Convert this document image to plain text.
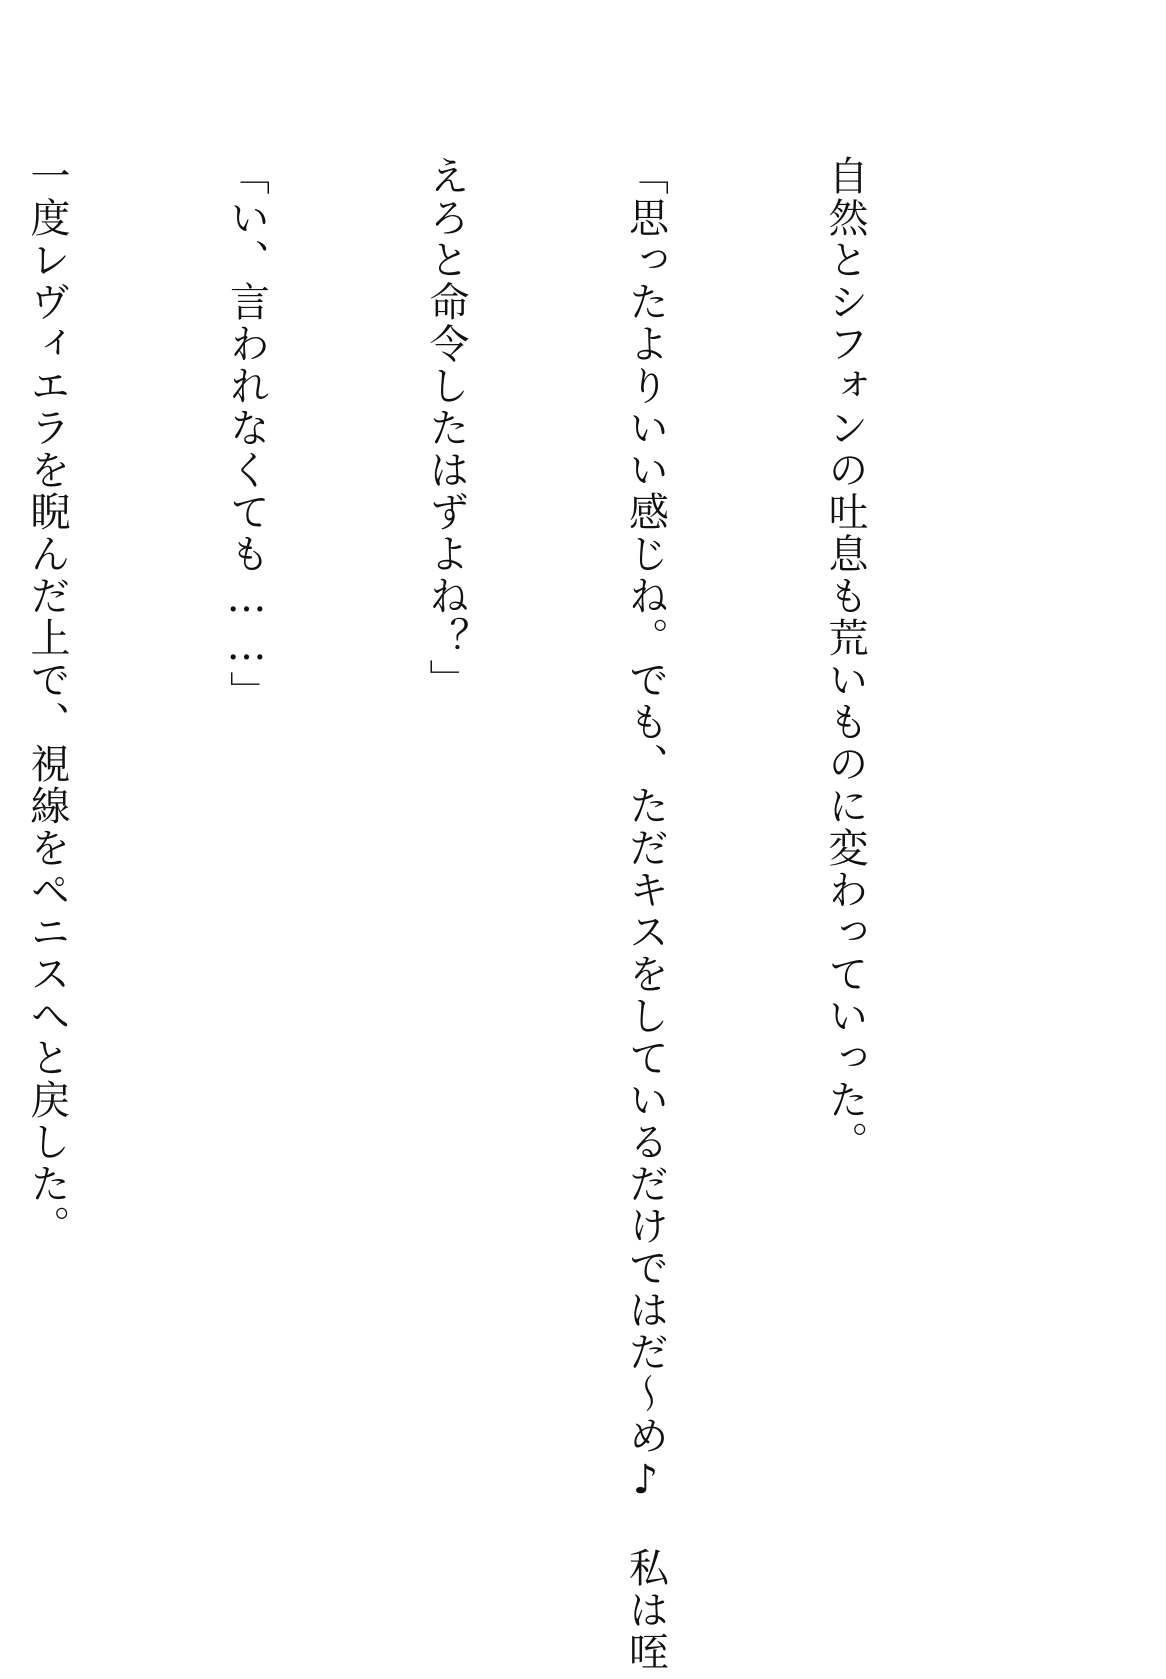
自然とシフォンの吐息も荒いものに変わっていった。

「思ったよりいい感じね。でも、ただキスをしているだけではだ～め♪　私は咥

えろと命令したはずよね？」

「い、言われなくても……」

一度レヴィエラを睨んだ上で、視線をペニスへと戻した。
